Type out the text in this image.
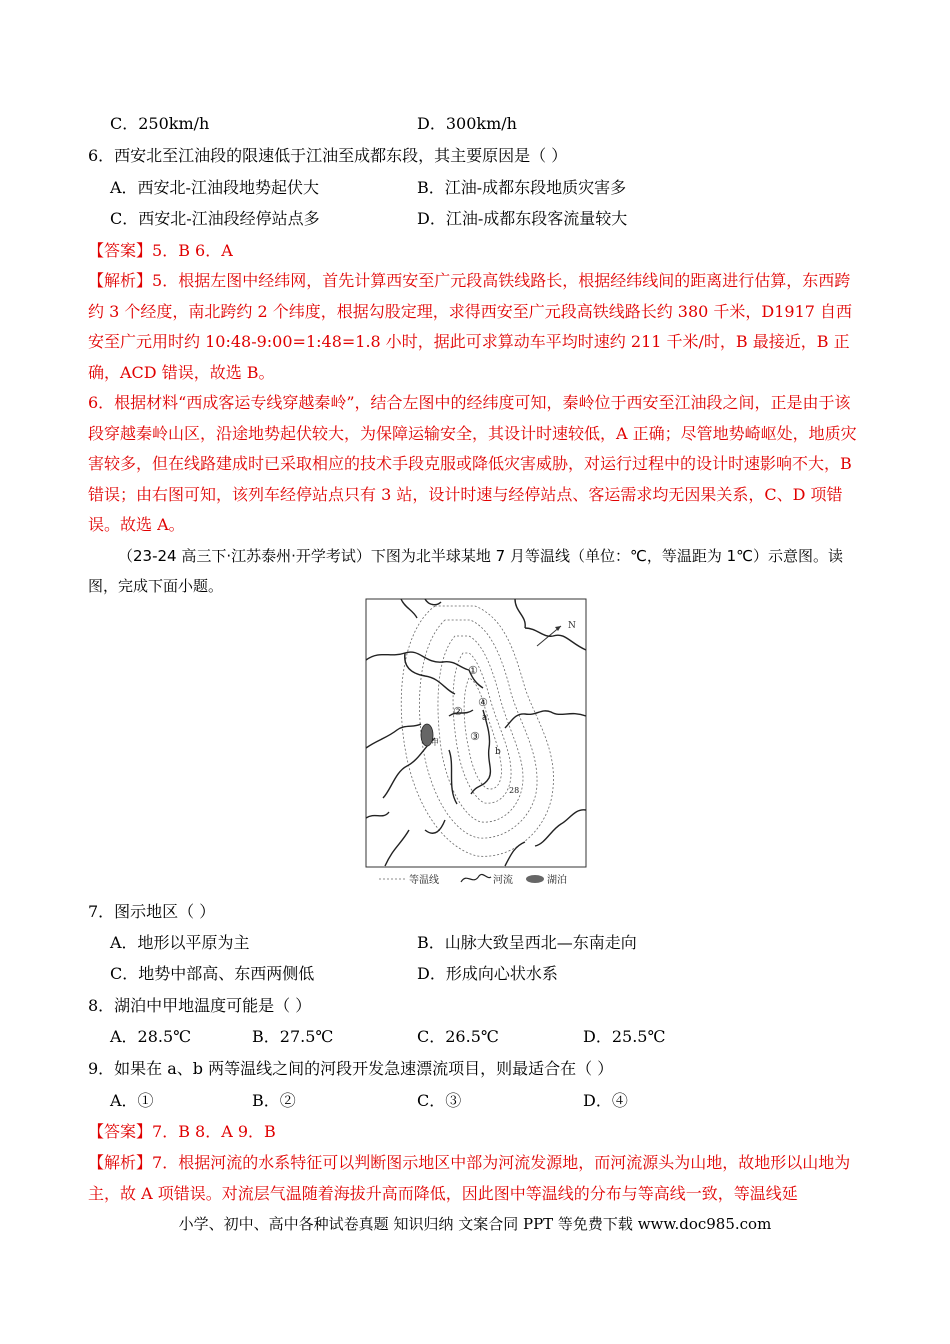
C．250km/h	D．300km/h
6．西安北至江油段的限速低于江油至成都东段，其主要原因是（ ）
A．西安北-江油段地势起伏大	B．江油-成都东段地质灾害多
C．西安北-江油段经停站点多	D．江油-成都东段客流量较大
【答案】5．B 6．A
【解析】5．根据左图中经纬网，首先计算西安至广元段高铁线路长，根据经纬线间的距离进行估算，东西跨约 3 个经度，南北跨约 2 个纬度，根据勾股定理，求得西安至广元段高铁线路长约 380 千米，D1917 自西安至广元用时约 10:48-9:00=1:48=1.8 小时，据此可求算动车平均时速约 211 千米/时，B 最接近，B 正确，ACD 错误，故选 B。
6．根据材料“西成客运专线穿越秦岭”，结合左图中的经纬度可知，秦岭位于西安至江油段之间，正是由于该段穿越秦岭山区，沿途地势起伏较大，为保障运输安全，其设计时速较低，A 正确；尽管地势崎岖处，地质灾害较多，但在线路建成时已采取相应的技术手段克服或降低灾害威胁，对运行过程中的设计时速影响不大，B 错误；由右图可知，该列车经停站点只有 3 站，设计时速与经停站点、客运需求均无因果关系，C、D 项错误。故选 A。
（23-24 高三下·江苏泰州·开学考试）下图为北半球某地 7 月等温线（单位：℃，等温距为 1℃）示意图。读图，完成下面小题。
N
甲
①
②
③
④
a
b
28
等温线	河流	湖泊
7．图示地区（ ）
A．地形以平原为主	B．山脉大致呈西北—东南走向
C．地势中部高、东西两侧低	D．形成向心状水系
8．湖泊中甲地温度可能是（ ）
A．28.5℃	B．27.5℃	C．26.5℃	D．25.5℃
9．如果在 a、b 两等温线之间的河段开发急速漂流项目，则最适合在（ ）
A．①	B．②	C．③	D．④
【答案】7．B 8．A 9．B
【解析】7．根据河流的水系特征可以判断图示地区中部为河流发源地，而河流源头为山地，故地形以山地为主，故 A 项错误。对流层气温随着海拔升高而降低，因此图中等温线的分布与等高线一致，等温线延
小学、初中、高中各种试卷真题 知识归纳 文案合同 PPT 等免费下载 www.doc985.com
